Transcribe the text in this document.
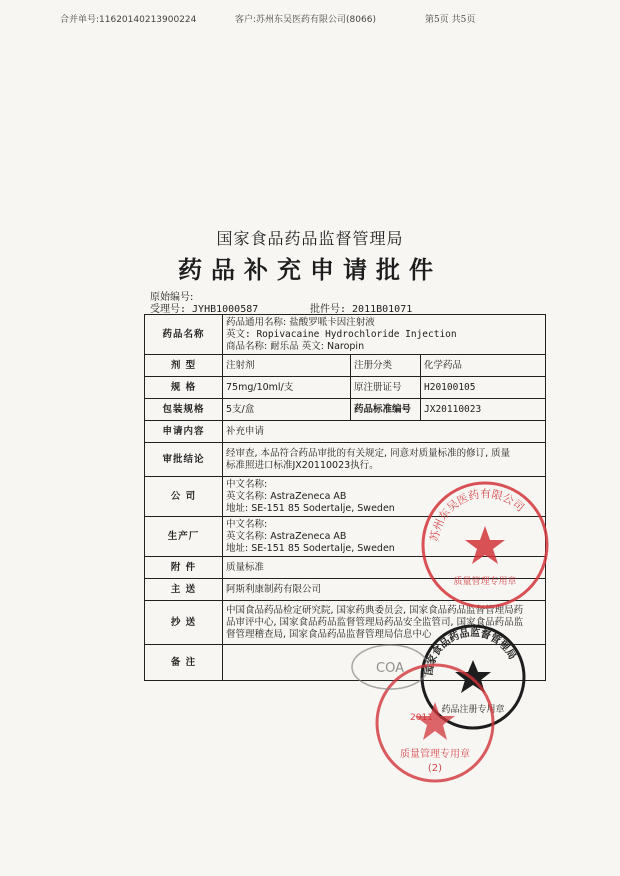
合并单号:11620140213900224	客户:苏州东吴医药有限公司(8066)	第5页 共5页
国家食品药品监督管理局
药品补充申请批件
原始编号:
受理号: JYHB1000587	批件号: 2011B01071
药品名称	药品通用名称: 盐酸罗哌卡因注射液
英文: Ropivacaine Hydrochloride Injection
商品名称: 耐乐品 英文: Naropin		

剂 型	注射剂	注册分类	化学药品
规 格	75mg/10ml/支	原注册证号	H20100105
包装规格	5支/盒	药品标准编号	JX20110023
申请内容	补充申请		
审批结论	经审查, 本品符合药品审批的有关规定, 同意对质量标准的修订, 质量
标准照进口标准JX20110023执行。		

公 司	中文名称:
英文名称: AstraZeneca AB
地址: SE-151 85 Sodertalje, Sweden		

生产厂	中文名称:
英文名称: AstraZeneca AB
地址: SE-151 85 Sodertalje, Sweden		

附 件	质量标准		
主 送	阿斯利康制药有限公司		
抄 送	中国食品药品检定研究院, 国家药典委员会, 国家食品药品监督管理局药
品审评中心, 国家食品药品监督管理局药品安全监管司, 国家食品药品监
督管理稽查局, 国家食品药品监督管理局信息中心		

备 注			
苏州东吴医药有限公司
质量管理专用章
国家食品药品监督管理局
药品注册专用章
2011
质量管理专用章
(2)
COA
